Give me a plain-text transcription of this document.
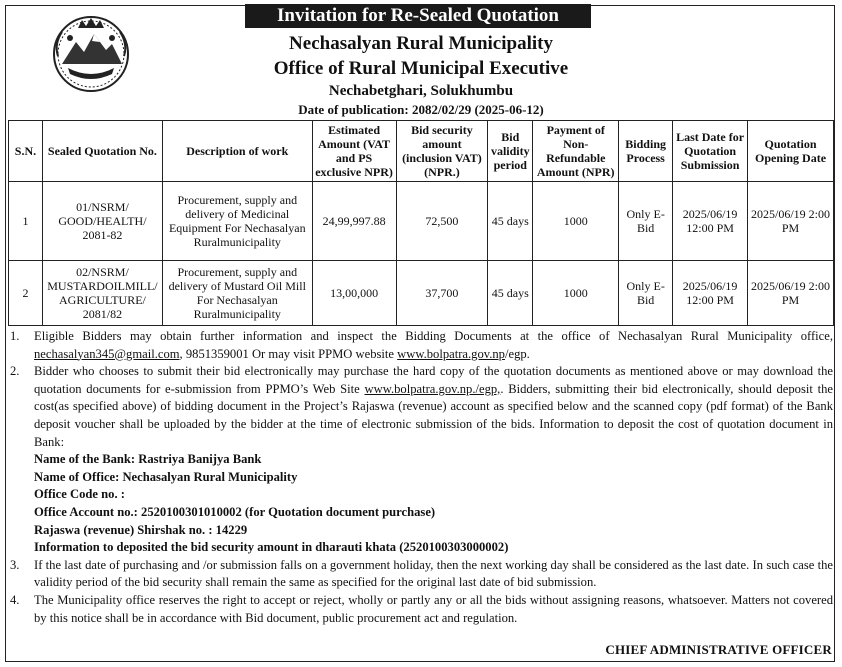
Invitation for Re-Sealed Quotation
Nechasalyan Rural Municipality
Office of Rural Municipal Executive
Nechabetghari, Solukhumbu
Date of publication: 2082/02/29 (2025-06-12)
S.N.	Sealed Quotation No.	Description of work	Estimated Amount (VAT and PS exclusive NPR)	Bid security amount (inclusion VAT) (NPR.)	Bid validity period	Payment of Non-Refundable Amount (NPR)	Bidding Process	Last Date for Quotation Submission	Quotation Opening Date
1	01/NSRM/ GOOD/HEALTH/ 2081-82	Procurement, supply and delivery of Medicinal Equipment For Nechasalyan Ruralmunicipality	24,99,997.88	72,500	45 days	1000	Only E-Bid	2025/06/19 12:00 PM	2025/06/19 2:00 PM
2	02/NSRM/ MUSTARDOILMILL/ AGRICULTURE/ 2081/82	Procurement, supply and delivery of Mustard Oil Mill For Nechasalyan Ruralmunicipality	13,00,000	37,700	45 days	1000	Only E-Bid	2025/06/19 12:00 PM	2025/06/19 2:00 PM
1. Eligible Bidders may obtain further information and inspect the Bidding Documents at the office of Nechasalyan Rural Municipality office, nechasalyan345@gmail.com, 9851359001 Or may visit PPMO website www.bolpatra.gov.np/egp.
2. Bidder who chooses to submit their bid electronically may purchase the hard copy of the quotation documents as mentioned above or may download the quotation documents for e-submission from PPMO’s Web Site www.bolpatra.gov.np./egp,. Bidders, submitting their bid electronically, should deposit the cost(as specified above) of bidding document in the Project’s Rajaswa (revenue) account as specified below and the scanned copy (pdf format) of the Bank deposit voucher shall be uploaded by the bidder at the time of electronic submission of the bids. Information to deposit the cost of quotation document in Bank:
Name of the Bank: Rastriya Banijya Bank
Name of Office: Nechasalyan Rural Municipality
Office Code no. :
Office Account no.: 2520100301010002 (for Quotation document purchase)
Rajaswa (revenue) Shirshak no. : 14229
Information to deposited the bid security amount in dharauti khata (2520100303000002)
3. If the last date of purchasing and /or submission falls on a government holiday, then the next working day shall be considered as the last date. In such case the validity period of the bid security shall remain the same as specified for the original last date of bid submission.
4. The Municipality office reserves the right to accept or reject, wholly or partly any or all the bids without assigning reasons, whatsoever. Matters not covered by this notice shall be in accordance with Bid document, public procurement act and regulation.
CHIEF ADMINISTRATIVE OFFICER
